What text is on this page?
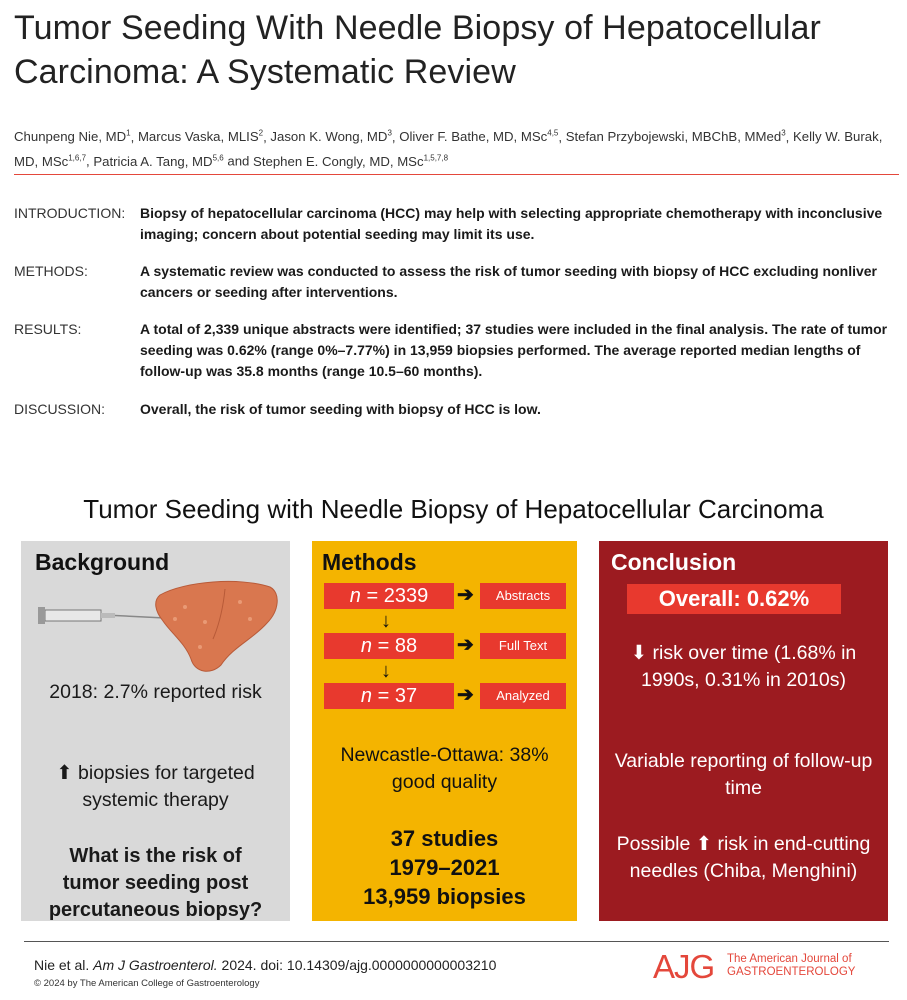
Tumor Seeding With Needle Biopsy of Hepatocellular Carcinoma: A Systematic Review
Chunpeng Nie, $MD^1$, Marcus Vaska, MLIS$^2$, Jason K. Wong, $MD^3$, Oliver F. Bathe, MD, MSc$^{4,5}$, Stefan Przybojewski, MBChB, MMed$^3$, Kelly W. Burak, MD, MSc$^{1,6,7}$, Patricia A. Tang, MD$^{5,6}$ and Stephen E. Congly, MD, MSc$^{1,5,7,8}$
INTRODUCTION:	Biopsy of hepatocellular carcinoma (HCC) may help with selecting appropriate chemotherapy with inconclusive imaging; concern about potential seeding may limit its use.
METHODS:	A systematic review was conducted to assess the risk of tumor seeding with biopsy of HCC excluding nonliver cancers or seeding after interventions.
RESULTS:	A total of 2,339 unique abstracts were identified; 37 studies were included in the final analysis. The rate of tumor seeding was 0.62% (range 0%–7.77%) in 13,959 biopsies performed. The average reported median lengths of follow-up was 35.8 months (range 10.5–60 months).
DISCUSSION:	Overall, the risk of tumor seeding with biopsy of HCC is low.
Tumor Seeding with Needle Biopsy of Hepatocellular Carcinoma
Background
2018: 2.7% reported risk
⬆ biopsies for targeted systemic therapy
What is the risk of tumor seeding post percutaneous biopsy?
Methods
n = 2339	➔	Abstracts
↓
n = 88	➔	Full Text
↓
n = 37	➔	Analyzed
Newcastle-Ottawa: 38% good quality
37 studies
1979–2021
13,959 biopsies
Conclusion
Overall: 0.62%
⬇ risk over time (1.68% in 1990s, 0.31% in 2010s)
Variable reporting of follow-up time
Possible ⬆ risk in end-cutting needles (Chiba, Menghini)
Nie et al. Am J Gastroenterol. 2024. doi: 10.14309/ajg.0000000000003210
© 2024 by The American College of Gastroenterology	AJG The American Journal of
GASTROENTEROLOGY
